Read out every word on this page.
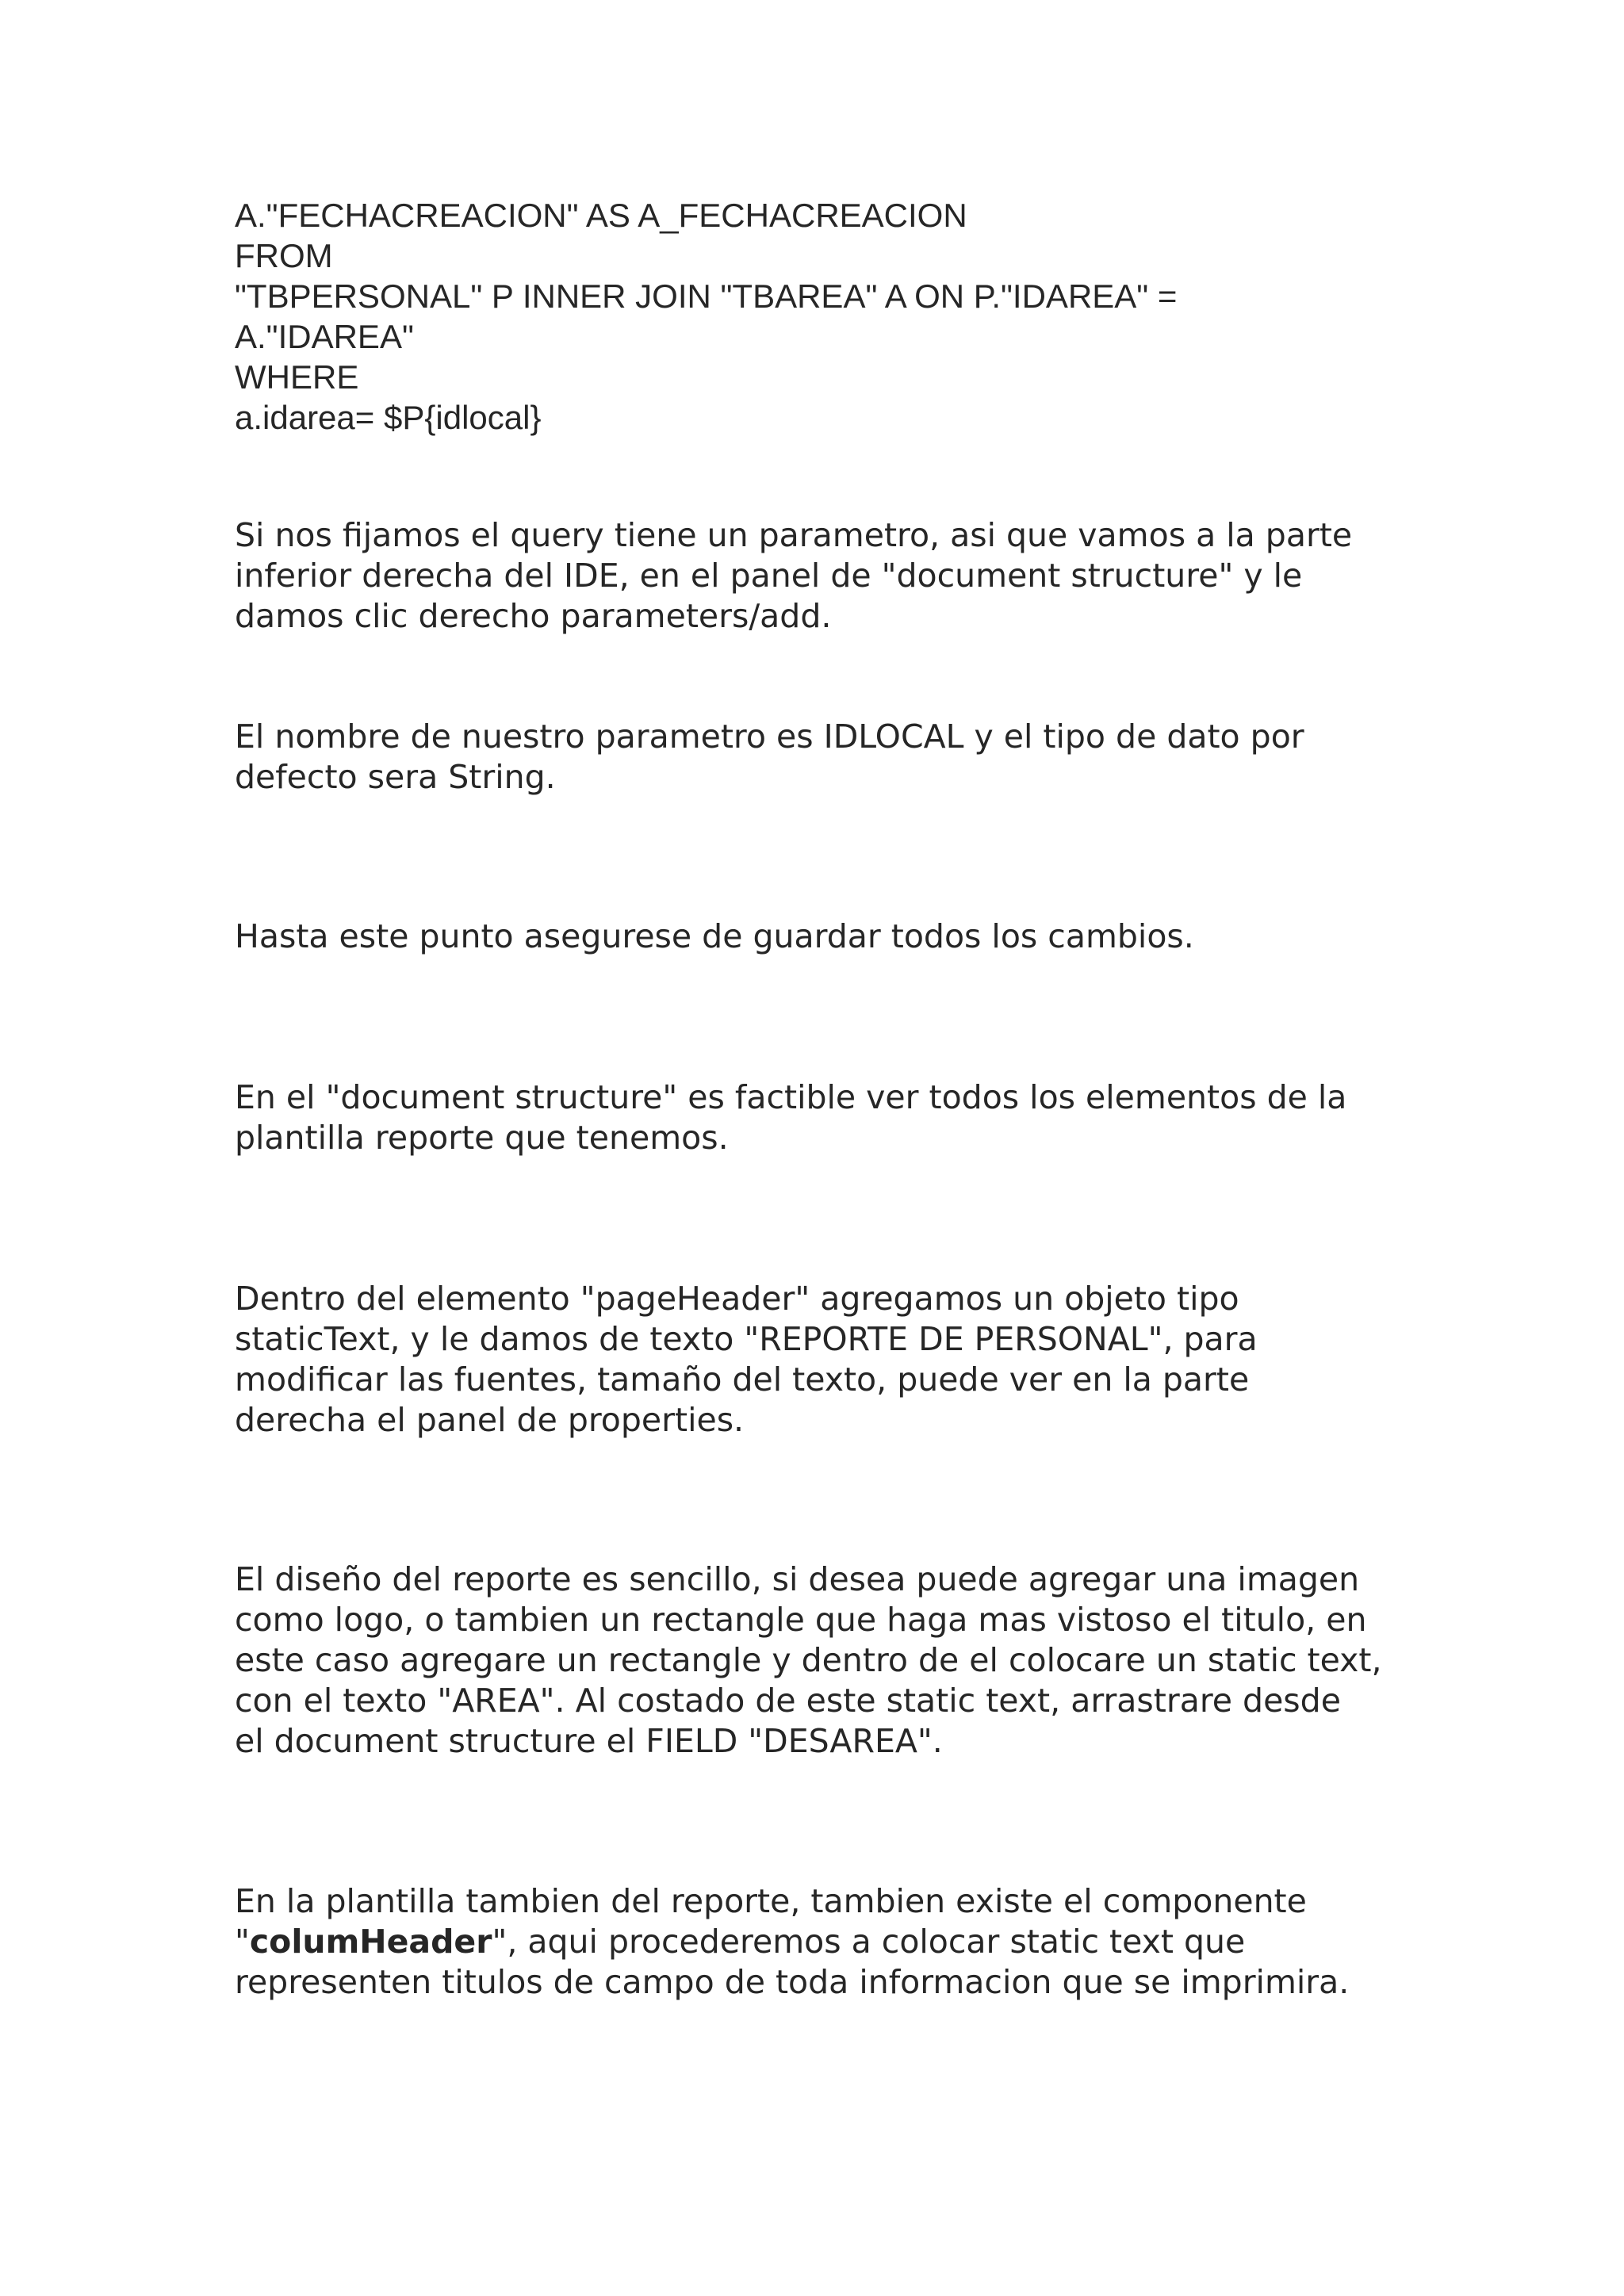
A."FECHACREACION" AS A_FECHACREACION
FROM
"TBPERSONAL" P INNER JOIN "TBAREA" A ON P."IDAREA" =
A."IDAREA"
WHERE
a.idarea= $P{idlocal}
Si nos fijamos el query tiene un parametro, asi que vamos a la parte
inferior derecha del IDE, en el panel de "document structure" y le
damos clic derecho parameters/add.
El nombre de nuestro parametro es IDLOCAL y el tipo de dato por
defecto sera String.
Hasta este punto asegurese de guardar todos los cambios.
En el "document structure" es factible ver todos los elementos de la
plantilla reporte que tenemos.
Dentro del elemento "pageHeader" agregamos un objeto tipo
staticText, y le damos de texto "REPORTE DE PERSONAL", para
modificar las fuentes, tamaño del texto, puede ver en la parte
derecha el panel de properties.
El diseño del reporte es sencillo, si desea puede agregar una imagen
como logo, o tambien un rectangle que haga mas vistoso el titulo, en
este caso agregare un rectangle y dentro de el colocare un static text,
con el texto "AREA". Al costado de este static text, arrastrare desde
el document structure el FIELD "DESAREA".
En la plantilla tambien del reporte, tambien existe el componente
"columHeader", aqui procederemos a colocar static text que
representen titulos de campo de toda informacion que se imprimira.
